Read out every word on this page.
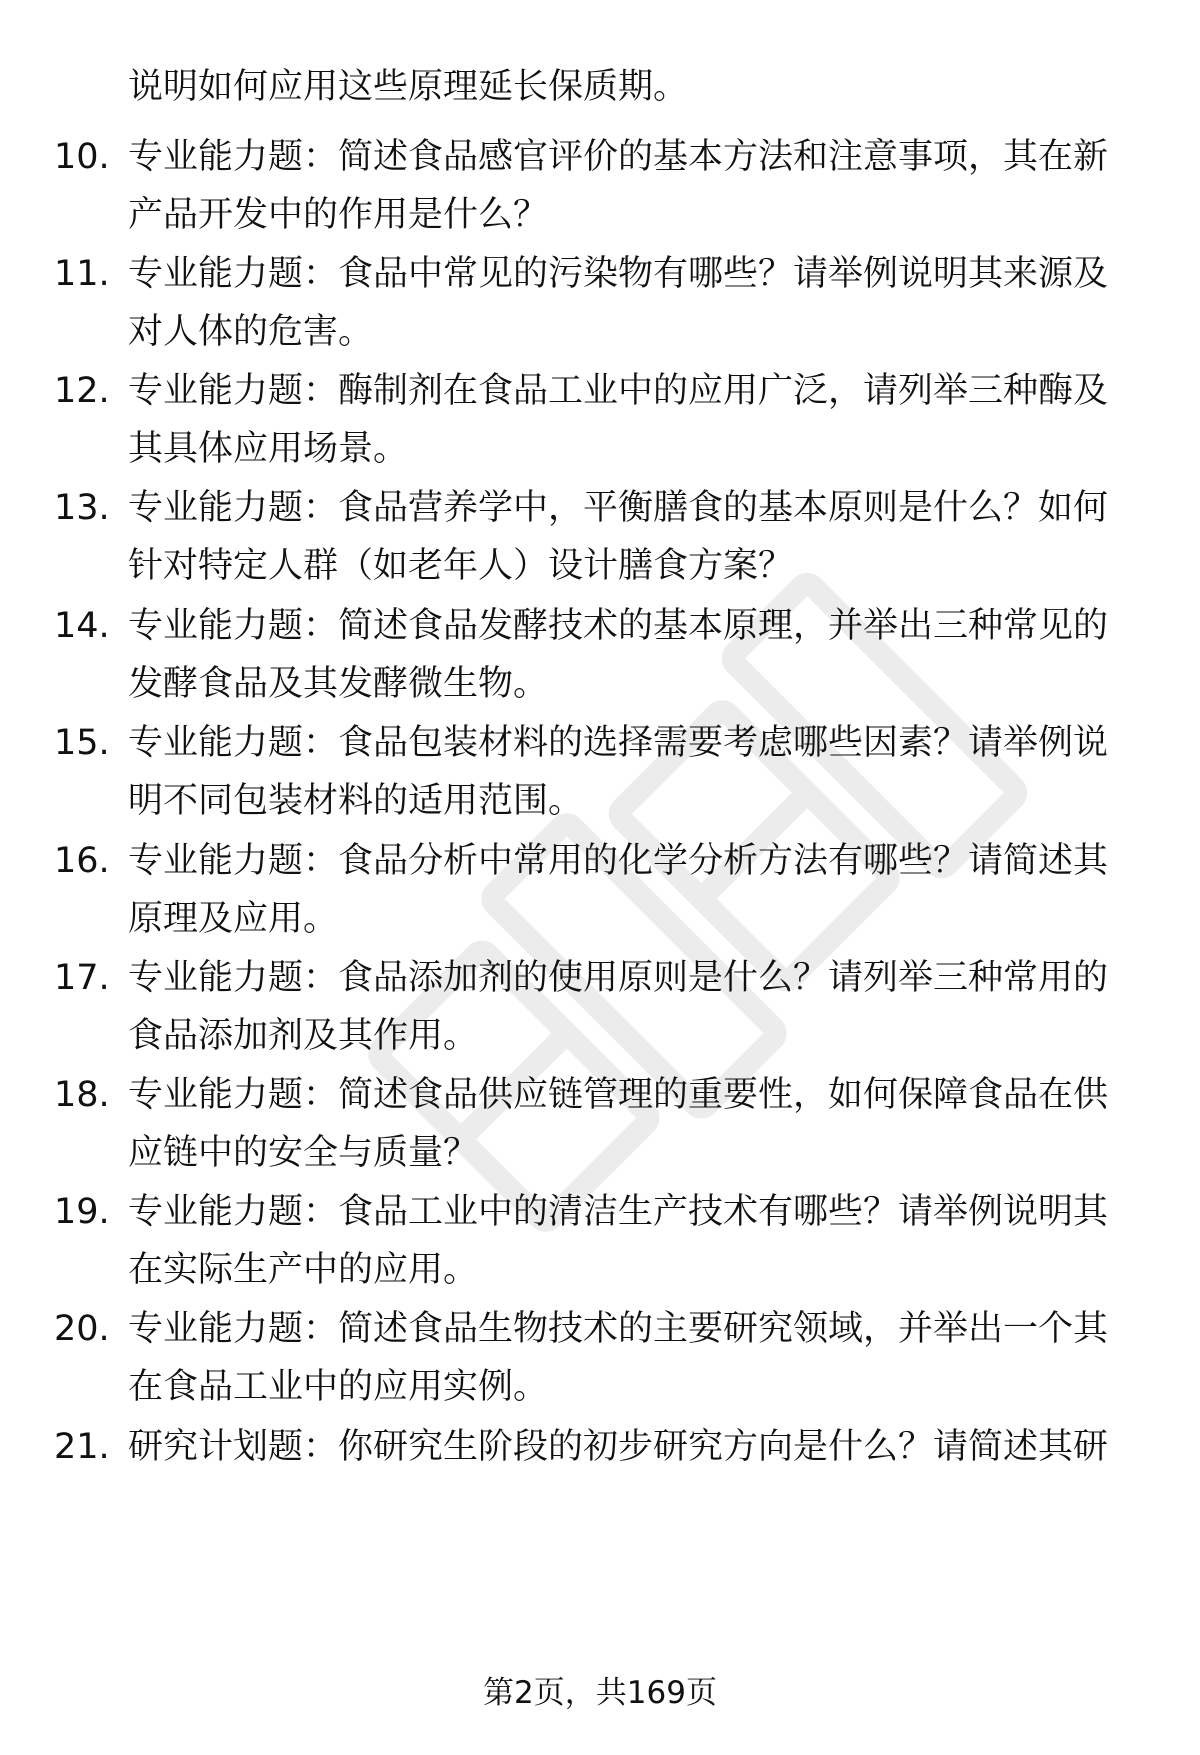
说明如何应用这些原理延长保质期。
10. 专业能力题：简述食品感官评价的基本方法和注意事项，其在新
产品开发中的作用是什么？
11. 专业能力题：食品中常见的污染物有哪些？请举例说明其来源及
对人体的危害。
12. 专业能力题：酶制剂在食品工业中的应用广泛，请列举三种酶及
其具体应用场景。
13. 专业能力题：食品营养学中，平衡膳食的基本原则是什么？如何
针对特定人群（如老年人）设计膳食方案？
14. 专业能力题：简述食品发酵技术的基本原理，并举出三种常见的
发酵食品及其发酵微生物。
15. 专业能力题：食品包装材料的选择需要考虑哪些因素？请举例说
明不同包装材料的适用范围。
16. 专业能力题：食品分析中常用的化学分析方法有哪些？请简述其
原理及应用。
17. 专业能力题：食品添加剂的使用原则是什么？请列举三种常用的
食品添加剂及其作用。
18. 专业能力题：简述食品供应链管理的重要性，如何保障食品在供
应链中的安全与质量？
19. 专业能力题：食品工业中的清洁生产技术有哪些？请举例说明其
在实际生产中的应用。
20. 专业能力题：简述食品生物技术的主要研究领域，并举出一个其
在食品工业中的应用实例。
21. 研究计划题：你研究生阶段的初步研究方向是什么？请简述其研
第2页，共169页
